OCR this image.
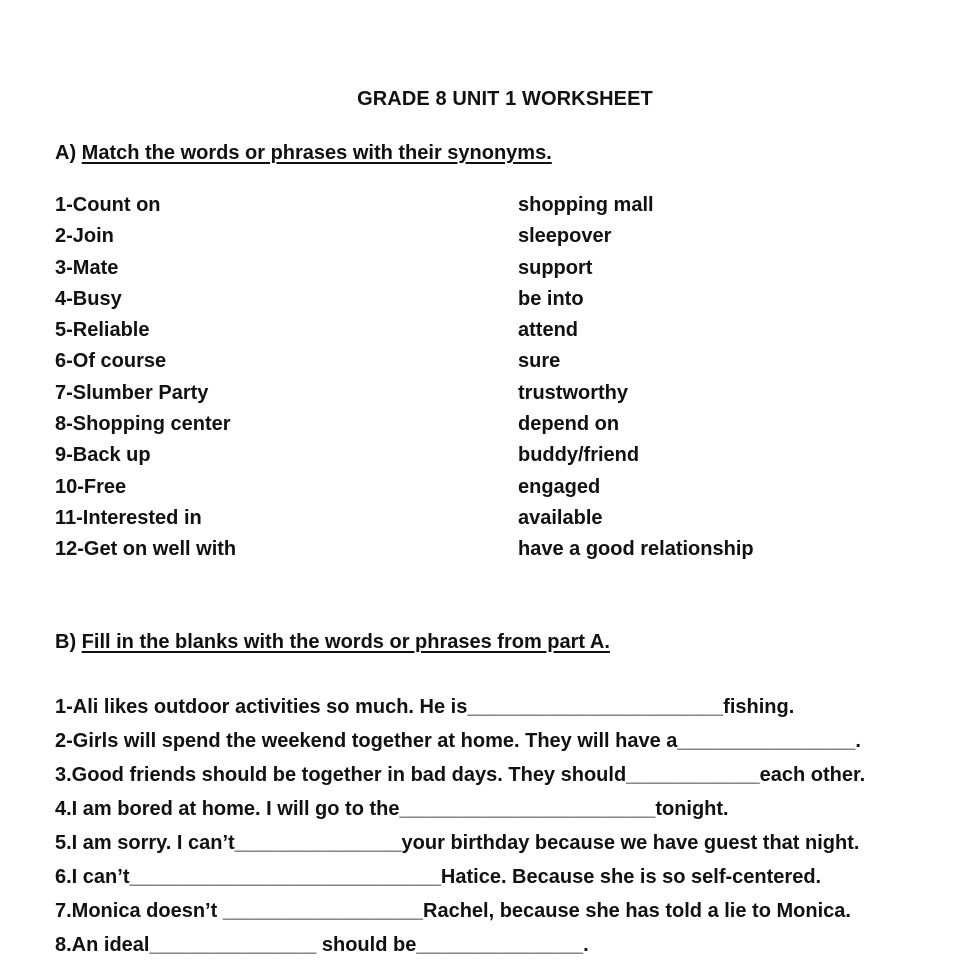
GRADE 8 UNIT 1 WORKSHEET
A) Match the words or phrases with their synonyms.
1-Count on
2-Join
3-Mate
4-Busy
5-Reliable
6-Of course
7-Slumber Party
8-Shopping center
9-Back up
10-Free
11-Interested in
12-Get on well with
shopping mall
sleepover
support
be into
attend
sure
trustworthy
depend on
buddy/friend
engaged
available
have a good relationship
B) Fill in the blanks with the words or phrases from part A.
1-Ali likes outdoor activities so much. He is_______________________fishing.
2-Girls will spend the weekend together at home. They will have a________________.
3.Good friends should be together in bad days. They should____________each other.
4.I am bored at home. I will go to the_______________________tonight.
5.I am sorry. I can’t_______________your birthday because we have guest that night.
6.I can’t____________________________Hatice. Because she is so self-centered.
7.Monica doesn’t __________________Rachel, because she has told a lie to Monica.
8.An ideal_______________ should be_______________.
